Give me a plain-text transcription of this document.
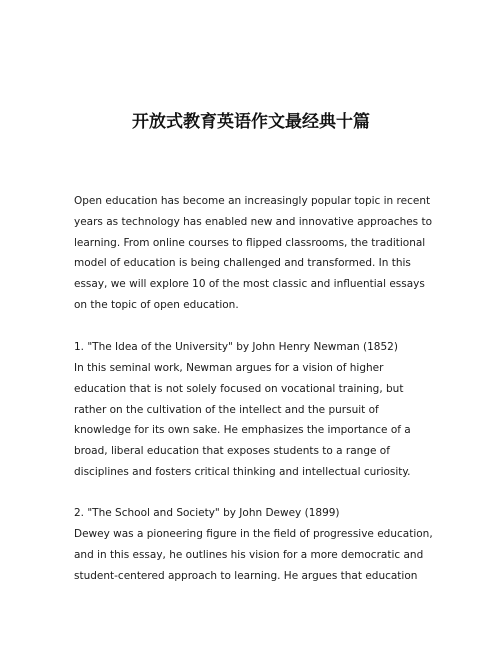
开放式教育英语作文最经典十篇

Open education has become an increasingly popular topic in recent years as technology has enabled new and innovative approaches to learning. From online courses to flipped classrooms, the traditional model of education is being challenged and transformed. In this essay, we will explore 10 of the most classic and influential essays on the topic of open education.

1. "The Idea of the University" by John Henry Newman (1852)

In this seminal work, Newman argues for a vision of higher education that is not solely focused on vocational training, but rather on the cultivation of the intellect and the pursuit of knowledge for its own sake. He emphasizes the importance of a broad, liberal education that exposes students to a range of disciplines and fosters critical thinking and intellectual curiosity.

2. "The School and Society" by John Dewey (1899)

Dewey was a pioneering figure in the field of progressive education, and in this essay, he outlines his vision for a more democratic and student-centered approach to learning. He argues that education
